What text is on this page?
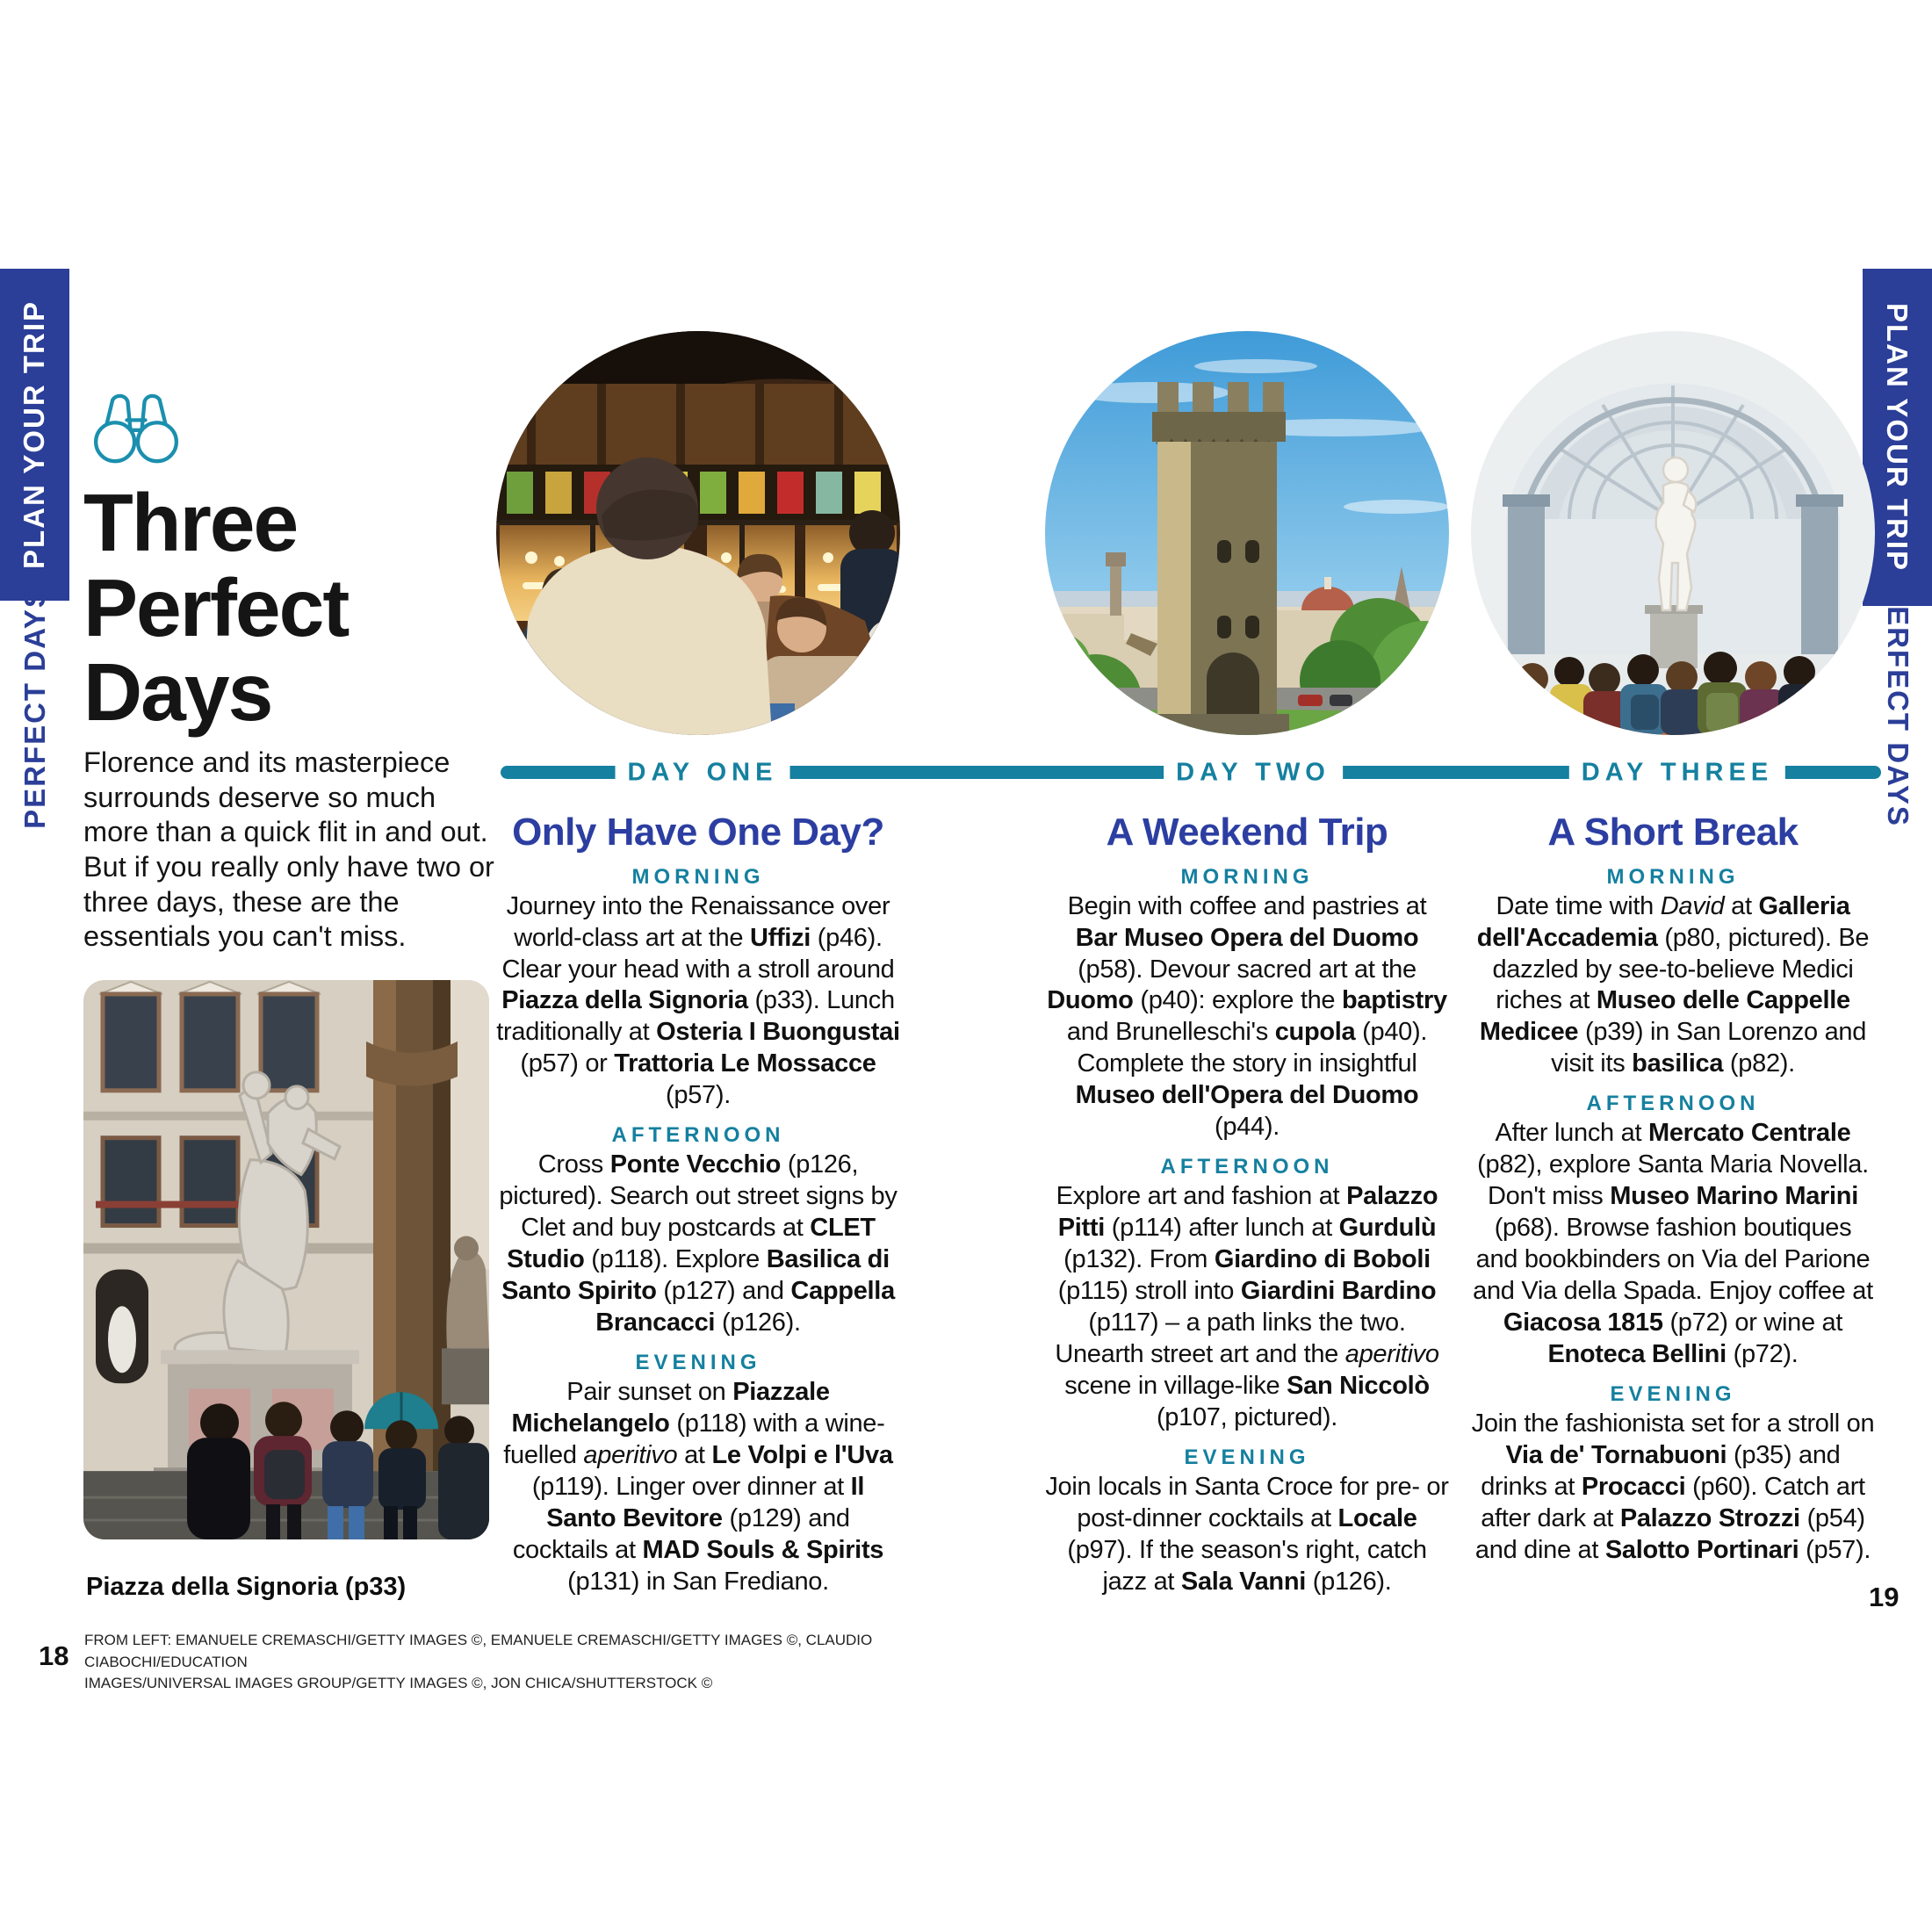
PLAN YOUR TRIP
PERFECT DAYS
PLAN YOUR TRIP
PERFECT DAYS
Three Perfect Days

Florence and its masterpiece surrounds deserve so much more than a quick flit in and out. But if you really only have two or three days, these are the essentials you can't miss.

Piazza della Signoria (p33)
DAY ONE	DAY TWO	DAY THREE
Only Have One Day?
MORNING

Journey into the Renaissance over world-class art at the Uffizi (p46). Clear your head with a stroll around Piazza della Signoria (p33). Lunch traditionally at Osteria I Buongustai (p57) or Trattoria Le Mossacce (p57).

AFTERNOON

Cross Ponte Vecchio (p126, pictured). Search out street signs by Clet and buy postcards at CLET Studio (p118). Explore Basilica di Santo Spirito (p127) and Cappella Brancacci (p126).

EVENING

Pair sunset on Piazzale Michelangelo (p118) with a wine-fuelled aperitivo at Le Volpi e l'Uva (p119). Linger over dinner at Il Santo Bevitore (p129) and cocktails at MAD Souls & Spirits (p131) in San Frediano.

A Weekend Trip
MORNING

Begin with coffee and pastries at Bar Museo Opera del Duomo (p58). Devour sacred art at the Duomo (p40): explore the baptistry and Brunelleschi's cupola (p40). Complete the story in insightful Museo dell'Opera del Duomo (p44).

AFTERNOON

Explore art and fashion at Palazzo Pitti (p114) after lunch at Gurdulù (p132). From Giardino di Boboli (p115) stroll into Giardini Bardino (p117) – a path links the two. Unearth street art and the aperitivo scene in village-like San Niccolò (p107, pictured).

EVENING

Join locals in Santa Croce for pre- or post-dinner cocktails at Locale (p97). If the season's right, catch jazz at Sala Vanni (p126).

A Short Break
MORNING

Date time with David at Galleria dell'Accademia (p80, pictured). Be dazzled by see-to-believe Medici riches at Museo delle Cappelle Medicee (p39) in San Lorenzo and visit its basilica (p82).

AFTERNOON

After lunch at Mercato Centrale (p82), explore Santa Maria Novella. Don't miss Museo Marino Marini (p68). Browse fashion boutiques and bookbinders on Via del Parione and Via della Spada. Enjoy coffee at Giacosa 1815 (p72) or wine at Enoteca Bellini (p72).

EVENING

Join the fashionista set for a stroll on Via de' Tornabuoni (p35) and drinks at Procacci (p60). Catch art after dark at Palazzo Strozzi (p54) and dine at Salotto Portinari (p57).

FROM LEFT: EMANUELE CREMASCHI/GETTY IMAGES ©, EMANUELE CREMASCHI/GETTY IMAGES ©, CLAUDIO CIABOCHI/EDUCATION
IMAGES/UNIVERSAL IMAGES GROUP/GETTY IMAGES ©, JON CHICA/SHUTTERSTOCK ©
18
19
